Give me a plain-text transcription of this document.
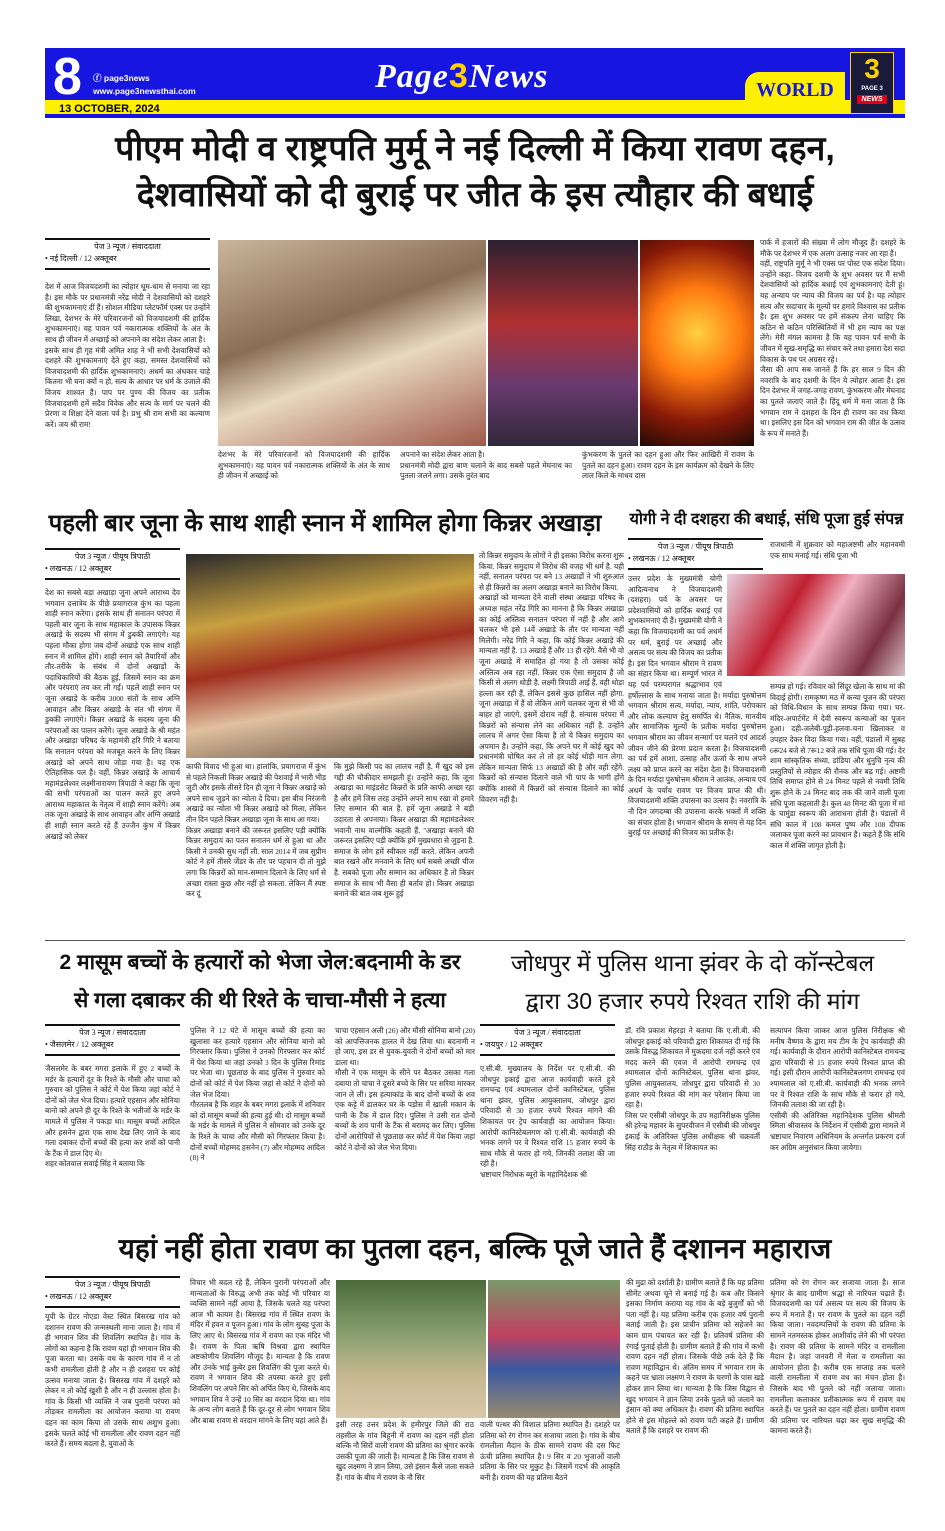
8 ⓕ page3news
www.page3newsthai.com
13 OCTOBER, 2024
Page3News	WORLD
3
PAGE 3
NEWS
पीएम मोदी व राष्ट्रपति मुर्मू ने नई दिल्ली में किया रावण दहन,
देशवासियों को दी बुराई पर जीत के इस त्यौहार की बधाई
पेज 3 न्यूज / संवाददाता
• नई दिल्ली / 12 अक्तूबर
देश में आज विजयदशमी का त्योहार धूम-धाम से मनाया जा रहा है। इस मौके पर प्रधानमंत्री नरेंद्र मोदी ने देशवासियों को दशहरे की शुभकामनाएं दीं हैं। सोशल मीडिया प्लेटफॉर्म एक्स पर उन्होंने लिखा, देशभर के मेरे परिवारजनों को विजयादशमी की हार्दिक शुभकामनाएं। यह पावन पर्व नकारात्मक शक्तियों के अंत के साथ ही जीवन में अच्छाई को अपनाने का संदेश लेकर आता है।
इसके साथ ही गृह मंत्री अमित शाह ने भी सभी देशवासियों को दशहरे की शुभकामनाएं देते हुए कहा, समस्त देशवासियों को विजयादशमी की हार्दिक शुभकामनाएं। अधर्म का अंधकार चाहे कितना भी घना क्यों न हो, सत्य के आधार पर धर्म के उजाले की विजय शाश्वत है। पाप पर पुण्य की विजय का प्रतीक विजयादशमी हमें सदैव विवेक और सत्य के मार्ग पर चलने की प्रेरणा व शिक्षा देने वाला पर्व है। प्रभु श्री राम सभी का कल्याण करें। जय श्री राम!
देशभर के मेरे परिवारजनों को विजयादशमी की हार्दिक शुभकामनाएं। यह पावन पर्व नकारात्मक शक्तियों के अंत के साथ ही जीवन में अच्छाई को
अपनाने का संदेश लेकर आता है।
प्रधानमंत्री मोदी द्वारा बाण चलाने के बाद सबसे पहले मेघनाथ का पुतला जलने लगा। उसके तुरंत बाद
कुंभकरण के पुतले का दहन हुआ और फिर आखिरी में रावण के पुतले का दहन हुआ। रावण दहन के इस कार्यक्रम को देखने के लिए लाल किले के माधव दास
पार्क में हजारों की संख्या में लोग मौजूद हैं। दशहरे के मौके पर देशभर में एक अलग उत्साह नजर आ रहा है।
वहीं, राष्ट्रपति मुर्मू ने भी एक्स पर पोस्ट एक संदेश दिया। उन्होंने कहा- विजय दशमी के शुभ अवसर पर मैं सभी देशवासियों को हार्दिक बधाई एवं शुभकामनाएं देती हूं। यह अन्याय पर न्याय की विजय का पर्व है। यह त्योहार सत्य और सदाचार के मूल्यों पर हमारे विश्वास का प्रतीक है। इस शुभ अवसर पर हमें संकल्प लेना चाहिए कि कठिन से कठिन परिस्थितियों में भी हम न्याय का पक्ष लेंगे। मेरी मंगल कामना है कि यह पावन पर्व सभी के जीवन में सुख-समृद्धि का संचार करे तथा हमारा देश सदा विकास के पथ पर अग्रसर रहे।
जैसा की आप सब जानते हैं कि हर साल 9 दिन की नवरात्रि के बाद दशमी के दिन ये त्योहार आता है। इस दिन देशभर में जगह-जगह रावण, कुंभकरण और मेघनाद का पुतले जलाएं जाते हैं। हिंदू धर्म में मना जाता है कि भगवान राम ने दशहरा के दिन ही रावण का वध किया था। इसलिए इस दिन को भगवान राम की जीत के उत्सव के रूप में मनाते हैं।
पहली बार जूना के साथ शाही स्नान में शामिल होगा किन्नर अखाड़ा
पेज 3 न्यूज / पीयूष त्रिपाठी
• लखनऊ / 12 अक्तूबर
देश का सबसे बड़ा अखाड़ा जूना अपने आराध्य देव भगवान दत्तात्रेय के पीछे प्रयागराज कुंभ का पहला शाही स्नान करेगा। इसके साथ ही सनातन परंपरा में पहली बार जूना के साथ महाकाल के उपासक किन्नर अखाड़े के सदस्य भी संगम में डुबकी लगाएंगे। यह पहला मौका होगा जब दोनों अखाड़े एक साथ शाही स्नान में शामिल होंगे। शाही स्नान को तैयारियों और तौर-तरीके के संबंध में दोनों अखाड़ों के पदाधिकारियों की बैठक हुई, जिसमें स्नान का क्रम और परंपराएं तय कर ली गईं। पहले शाही स्नान पर जूना अखाड़े के करीब 3000 संतों के साथ अग्नि आवाहन और किन्नर अखाड़े के संत भी संगम में डुबकी लगाएंगे। किन्नर अखाड़े के सदस्य जूना की परंपराओं का पालन करेंगे। जूना अखाड़े के श्री महंत और अखाड़ा परिषद के महामंत्री हरि गिरि ने बताया कि सनातन परंपरा को मजबूत करने के लिए किन्नर अखाड़े को अपने साथ जोड़ा गया है। यह एक ऐतिहासिक पल है। वहीं, किन्नर अखाड़े के आचार्य महामंडलेश्वर लक्ष्मीनारायण त्रिपाठी ने कहा कि जूना की सभी परंपराओं का पालन करते हुए अपने आराध्य महाकाल के नेतृत्व में शाही स्नान करेंगे। अब तक जूना अखाड़े के साथ आवाहन और अग्नि अखाड़े ही शाही स्नान करते रहे हैं उज्जैन कुंभ में किन्नर अखाड़े को लेकर
काफी विवाद भी हुआ था। हालांकि, प्रयागराज में कुंभ से पहले निकली किन्नर अखाड़े की पेशवाई में भारी भीड़ जुटी और इसके तीसरे दिन ही जूना ने किन्नर अखाड़े को अपने साथ जुड़ने का न्योता दे दिया। इस बीच निरंजनी अखाड़े का न्योता भी किन्नर अखाड़े को मिला, लेकिन तीन दिन पहले किन्नर अखाड़ा जूना के साथ आ गया।
किन्नर अखाड़ा बनाने की जरूरत इसलिए पड़ी क्योंकि किन्नर समुदाय का पतन सनातन धर्म से हुआ था और किसी ने उनकी सुध नहीं ली. साल 2014 में जब सुप्रीम कोर्ट ने हमें तीसरे जेंडर के तौर पर पहचान दी तो मुझे लगा कि किन्नरों को मान-सम्मान दिलाने के लिए धर्म से अच्छा रास्ता कुछ और नहीं हो सकता. लेकिन मैं स्पष्ट कर दूं
कि मुझे किसी पद का लालच नहीं है, मैं खुद को इस गद्दी की चौकीदार समझती हूं। उन्होंने कहा, कि जूना अखाड़ा का माइंडसेट किन्नरों के प्रति काफी अच्छा रहा है और हमें जिस तरह उन्होंने अपने साथ रखा वो हमारे लिए सम्मान की बात है. हमें जूना अखाड़े ने बड़ी उदारता से अपनाया। किन्नर अखाड़ा की महामंडलेश्वर भवानी नाथ वाल्मीकि कहती हैं, ''अखाड़ा बनाने की जरूरत इसलिए पड़ी क्योंकि हमें मुख्यधारा से जुड़ना है. समाज के लोग हमें स्वीकार नहीं करते. लेकिन अपनी बात रखने और मनवाने के लिए धर्म सबसे अच्छी चीज है. सबको पूजा और सम्मान का अधिकार है तो किन्नर समाज के साथ भी वैसा ही बर्ताव हो। किन्नर अखाड़ा बनाने की बात जब शुरू हुई
तो किन्नर समुदाय के लोगों ने ही इसका विरोध करना शुरू किया. किन्नर समुदाय में विरोध की वजह भी धर्म है. यही नहीं, सनातन परंपरा पर बने 13 अखाड़ों ने भी शुरुआत से ही किन्नरों का अलग अखाड़ा बनाने का विरोध किया.
अखाड़ों को मान्यता देने वाली संस्था अखाड़ा परिषद के अध्यक्ष महंत नरेंद्र गिरि का मानना है कि किन्नर अखाड़ा का कोई अस्तित्व सनातन परंपरा में नहीं है और आगे चलकर भी इसे 14वें अखाड़े के तौर पर मान्यता नहीं मिलेगी। नरेंद्र गिरि ने कहा, कि कोई किन्नर अखाड़े की मान्यता नहीं है. 13 अखाड़े हैं और 13 ही रहेंगे. वैसे भी वो जूना अखाड़े में समाहित हो गया है तो उसका कोई अस्तित्व अब रहा नहीं. किन्नर एक ऐसा समुदाय है जो किसी से अलग थोड़ी है. लक्ष्मी त्रिपाठी आई हैं, वही थोड़ा हल्ला कर रही हैं, लेकिन इससे कुछ हासिल नहीं होगा. जूना अखाड़ा में हैं वो लेकिन आगे चलकर जूना से भी वो बाहर हो जाएंगे, इसमें दोराय नहीं है. संन्यास परंपरा में किन्नरों को संन्यास लेने का अधिकार नहीं है. उन्होंने लालच में अगर ऐसा किया है तो ये किन्नर समुदाय का अपमान है। उन्होंने कहा, कि अपने घर में कोई खुद को प्रधानमंत्री घोषित कर ले तो हर कोई थोड़ी मान लेगा. लेकिन मान्यता सिर्फ 13 अखाड़ों की है और वही रहेंगे. किन्नरों को संन्यास दिलाने वाले भी पाप के भागी होंगे क्योंकि शास्त्रों में किन्नरों को संन्यास दिलाने का कोई विवरण नहीं है।
योगी ने दी दशहरा की बधाई, संधि पूजा हुई संपन्न
पेज 3 न्यूज / पीयूष त्रिपाठी
• लखनऊ / 12 अक्तूबर
राजधानी में शुक्रवार को महाअष्टमी और महानवमी एक साथ मनाई गई। संधि पूजा भी
उत्तर प्रदेश के मुख्यमंत्री योगी आदित्यनाथ ने विजयादशमी (दशहरा) पर्व के अवसर पर प्रदेशवासियों को हार्दिक बधाई एवं शुभकामनाएं दी हैं। मुख्यमंत्री योगी ने कहा कि विजयादशमी का पर्व अधर्म पर धर्म, बुराई पर अच्छाई और असत्य पर सत्य की विजय का प्रतीक है। इस दिन भगवान श्रीराम ने रावण का संहार किया था। सम्पूर्ण भारत में यह पर्व परम्परागत श्रद्धाभाव एवं हर्षोल्लास के साथ मनाया जाता है। मर्यादा पुरुषोत्तम भगवान श्रीराम सत्य, मर्यादा, न्याय, शांति, परोपकार और लोक कल्याण हेतु समर्पित थे। नैतिक, मानवीय और सामाजिक मूल्यों के प्रतीक मर्यादा पुरुषोत्तम भगवान श्रीराम का जीवन सन्मार्ग पर चलने एवं आदर्श जीवन जीने की प्रेरणा प्रदान करता है। विजयादशमी का पर्व हमें आशा, उत्साह और ऊर्जा के साथ अपने लक्ष्य को प्राप्त करने का संदेश देता है। विजयादशमी के दिन मर्यादा पुरुषोत्तम श्रीराम ने आतंक, अन्याय एवं अधर्म के पर्याय रावण पर विजय प्राप्त की थी। विजयादशमी शक्ति उपासना का उत्सव है। नवरात्रि के नौ दिन जगदम्बा की उपासना करके भक्तों में शक्ति का संचार होता है। भगवान श्रीराम के समय से यह दिन बुराई पर अच्छाई की विजय का प्रतीक है।
सम्पन्न हो गई। रविवार को सिंदूर खेला के साथ मां की विदाई होगी। रामकृष्ण मठ में कन्या पूजन की परंपरा को विधि-विधान के साथ सम्पन्न किया गया। घर-मंदिर-अपार्टमेंट में देवी स्वरूप कन्याओं का पूजन हुआ। दही-जलेबी-पूड़ी-हलवा-चना खिलाकर व उपहार देकर विदा किया गया। वहीं, पंडालों में सुबह 6रू24 बजे से 7रू12 बजे तक संधि पूजा की गई। देर शाम सांस्कृतिक संध्या, डांडिया और धुनुचि नृत्य की प्रस्तुतियों से त्योहार की रौनक और बढ़ गई। अष्टमी तिथि समाप्त होने से 24 मिनट पहले से नवमी तिथि शुरू होने के 24 मिनट बाद तक की जाने वाली पूजा संधि पूजा कहलाती है। कुल 48 मिनट की पूजा में मां के चामुंडा स्वरूप की आराधना होती है। पंडालों में संधि काल में 108 कमल पुष्प और 108 दीपक जलाकर पूजा करने का प्रावधान है। कहते हैं कि संधि काल में शक्ति जागृत होती है।
2 मासूम बच्चों के हत्यारों को भेजा जेल:बदनामी के डर
से गला दबाकर की थी रिश्ते के चाचा-मौसी ने हत्या
पेज 3 न्यूज / संवाददाता
• जैसलमेर / 12 अक्तूबर
जैसलमेर के बबर मगरा इलाके में हुए 2 बच्चों के मर्डर के हत्यारों दूर के रिश्ते के मौसी और चाचा को गुरुवार को पुलिस ने कोर्ट में पेश किया जहां कोर्ट ने दोनों को जेल भेज दिया। हत्यारे एहसान और सोनिया बानो को अपने ही दूर के रिश्ते के भतीजों के मर्डर के मामले में पुलिस ने पकड़ा था। मासूम बच्चों आदिल और हसनेन द्वारा एक साथ देख लिए जाने के बाद गला दबाकर दोनों बच्चों की हत्या कर शवों को पानी के टैंक में डाल दिए थे।
शहर कोतवाल सवाई सिंह ने बताया कि
पुलिस ने 12 घंटे में मासूम बच्चों की हत्या का खुलासा कर हत्यारे एहसान और सोनिया बानो को गिरफ्तार किया। पुलिस ने उनको गिरफ्तार कर कोर्ट में पेश किया था जहां उनको 3 दिन के पुलिस रिमांड पर भेजा था। पूछताछ के बाद पुलिस ने गुरुवार को दोनों को कोर्ट में पेश किया जहां से कोर्ट ने दोनों को जेल भेज दिया।
गौरतलब है कि शहर के बबर मगरा इलाके में शनिवार को दो मासूम बच्चों की हत्या हुई थी। दो मासूम बच्चों के मर्डर के मामले में पुलिस ने सोमवार को उनके दूर के रिश्ते के चाचा और मौसी को गिरफ्तार किया है। दोनों बच्चों मोहम्मद हसनेन (7) और मोहम्मद आदिल (8) ने
चाचा एहसान अली (26) और मौसी सोनिया बानो (20) को आपत्तिजनक हालत में देख लिया था। बदनामी न हो जाए, इस डर से युवक-युवती ने दोनों बच्चों को मार डाला था।
मौसी ने एक मासूम के सीने पर बैठकर उसका गला दबाया तो चाचा ने दूसरे बच्चे के सिर पर सरिया मारकर जान ले ली। इस हत्याकांड के बाद दोनों बच्चों के शव एक कट्टे में डालकर घर के पड़ोस में खाली मकान के पानी के टैंक में डाल दिए। पुलिस ने उसी रात दोनों बच्चों के शव पानी के टैंक से बरामद कर लिए। पुलिस दोनों आरोपियों से पूछताछ कर कोर्ट में पेश किया जहां कोर्ट ने दोनों को जेल भेज दिया।
जोधपुर में पुलिस थाना झंवर के दो कॉन्स्टेबल
द्वारा 30 हजार रुपये रिश्वत राशि की मांग
पेज 3 न्यूज / संवाददाता
• जयपुर / 12 अक्तूबर
ए.सी.बी. मुख्यालय के निर्देश पर ए.सी.बी. की जोधपुर इकाई द्वारा आज कार्यवाही करते हुये रामचन्द्र एवं श्यामलाल दोनों कानिस्टेबल, पुलिस थाना झंवर, पुलिस आयुक्तालय, जोधपुर द्वारा परिवादी से 30 हजार रुपये रिश्वत मांगने की शिकायत पर ट्रेप कार्यवाही का आयोजन किया। आरोपी कानिस्टेबलगण को ए.सी.बी. कार्यवाही की भनक लगने पर वे रिश्वत राशि 15 हजार रुपये के साथ मौके से फरार हो गये, जिनकी तलाश की जा रही है।
भ्रष्टाचार निरोधक ब्यूरो के महानिदेशक श्री
डॉ. रवि प्रकाश मेहरड़ा ने बताया कि ए.सी.बी. की जोधपुर इकाई को परिवादी द्वारा शिकायत दी गई कि उसके विरुद्ध शिकायत में मुकदमा दर्ज नहीं करने एवं मदद करने की एवज में आरोपी रामचन्द्र एवं श्यामलाल दोनों कानिस्टेबल, पुलिस थाना झंवर, पुलिस आयुक्तालय, जोधपुर द्वारा परिवादी से 30 हजार रुपये रिश्वत की मांग कर परेशान किया जा रहा है।
जिस पर एसीबी जोधपुर के उप महानिरीक्षक पुलिस श्री हरेन्द्र महावर के सुपरवीजन में एसीबी की जोधपुर इकाई के अतिरिक्त पुलिस अधीक्षक श्री चक्रवर्ती सिंह राठौड़ के नेतृत्व में शिकायत का
सत्यापन किया जाकर आज पुलिस निरीक्षक श्री मनीष वैष्णव के द्वारा मय टीम के ट्रेप कार्यवाही की गई। कार्यवाही के दौरान आरोपी कानिस्टेबल रामचन्द्र द्वारा परिवादी से 15 हजार रुपये रिश्वत प्राप्त की गई। इसी दौरान आरोपी कानिस्टेबलगण रामचन्द्र एवं श्यामलाल को ए.सी.बी. कार्यवाही की भनक लगने पर वे रिश्वत राशि के साथ मौके से फरार हो गये, जिनकी तलाश की जा रही है।
एसीबी की अतिरिक्त महानिदेशक पुलिस श्रीमती स्मिता श्रीवास्तव के निर्देशन में एसीबी द्वारा मामले में भ्रष्टाचार निवारण अधिनियम के अन्तर्गत प्रकरण दर्ज कर अग्रिम अनुसंधान किया जायेगा।
यहां नहीं होता रावण का पुतला दहन, बल्कि पूजे जाते हैं दशानन महाराज
पेज 3 न्यूज / पीयूष त्रिपाठी
• लखनऊ / 12 अक्तूबर
यूपी के ग्रेटर नोएडा वेस्ट स्थित बिसरख गांव को दशानन रावण की जन्मस्थली माना जाता है। गांव में ही भगवान शिव की शिवलिंग स्थापित है। गांव के लोगों का कहना है कि रावण यहां ही भगवान शिव की पूजा करता था। उसके वध के कारण गांव में न तो कभी रामलीला होती है और न ही दशहरा पर कोई उत्सव मनाया जाता है। बिसरख गांव में दशहरे को लेकर न तो कोई खुशी है और न ही उल्लास होता है। गांव के किसी भी व्यक्ति ने जब पुरानी परंपरा को तोड़कर रामलीला का आयोजन कराया या रावण दहन का काम किया तो उसके साथ अशुभ हुआ। इसके चलते कोई भी रामलीला और रावण दहन नहीं करते हैं। समय बदला है, युवाओं के
विचार भी बदल रहे हैं, लेकिन पुरानी परंपराओं और मान्यताओं के विरुद्ध अभी तक कोई भी परिवार या व्यक्ति सामने नहीं आया है, जिसके चलते यह परंपरा आज भी कायम है। बिसरख गांव में स्थित रावण के मंदिर में हवन व पूजन हुआ। गांव के लोग सुबह पूजा के लिए आए थे। बिसरख गांव में रावण का एक मंदिर भी है। रावण के पिता ऋषि विश्रवा द्वारा स्थापित अष्टकोणीय शिवलिंग मौजूद है। मान्यता है कि रावण और उनके भाई कुबेर इस शिवलिंग की पूजा करते थे। रावण ने भगवान शिव की तपस्या करते हुए इसी शिवलिंग पर अपने सिर को अर्पित किए थे, जिसके बाद भगवान शिव ने उन्हें 10 सिर का वरदान दिया था। गांव के अन्य लोग बताते हैं कि दूर-दूर से लोग भगवान शिव और बाबा रावण से वरदान मांगने के लिए यहां आते हैं।	इसी तरह उत्तर प्रदेश के हमीरपुर जिले की राठ तहसील के गांव बिहूनी में रावण का दहन नहीं होता बल्कि नौ सिरों वाली रावण की प्रतिमा का श्रृंगार करके उसकी पूजा की जाती है। मान्यता है कि जिस रावण से खुद लक्ष्मण ने ज्ञान लिया, उसे इंसान कैसे जला सकते हैं। गांव के बीच में रावण के नौ सिर
वाली पत्थर की विशाल प्रतिमा स्थापित है। दशहरे पर प्रतिमा को रंग रोगन कर सजाया जाता है। गांव के बीच रामलीला मैदान के ठीक सामने रावण की दस फिट ऊंची प्रतिमा स्थापित है। 9 सिर व 20 भुजाओं वाली प्रतिमा के सिर पर मुकुट है। जिसमें गदर्भ की आकृति बनी है। रावण की यह प्रतिमा बैठने
की मुद्रा को दर्शाती है। ग्रामीण बताते हैं कि यह प्रतिमा सीमेंट अथवा चूने से बनाई गई है। कब और किसने इसका निर्माण कराया यह गांव के बड़े बुजुर्गों को भी पता नहीं है। यह प्रतिमा करीब एक हजार वर्ष पुरानी बताई जाती है। इस प्राचीन प्रतिमा को सहेजने का काम ग्राम पंचायत कर रही है। प्रतिवर्ष प्रतिमा की रंगाई पुताई होती है। ग्रामीण बताते हैं की गांव में कभी रावण दहन नहीं होता। जिसके पीछे तर्क देते हैं कि रावण महाविद्वान थे। अंतिम समय में भगवान राम के कहने पर भ्राता लक्ष्मण ने रावण के चरणों के पास खड़े होकर ज्ञान लिया था। मान्यता है कि जिस विद्वान से खुद भगवान ने ज्ञान लिया उनके पुतले को जलाने का इंसान को क्या अधिकार है। रावण की प्रतिमा स्थापित होने से इस मोहल्ले को रावण पटी कहते हैं। ग्रामीण बताते हैं कि दशहरे पर रावण की
प्रतिमा को रंग रोगन कर सजाया जाता है। साज श्रृंगार के बाद ग्रामीण श्रद्धा से नारियल चढ़ाते हैं। विजयदशमी का पर्व असत्य पर सत्य की विजय के रूप में मनाते हैं। पर रावण के पुतले का दहन नहीं किया जाता। नवदम्पत्तियों के रावण की प्रतिमा के सामने नतमस्तक होकर आशीर्वाद लेने की भी परंपरा है। रावण की प्रतिमा के सामने मंदिर व रामलीला मैदान है। जहां जनवरी में मेला व रामलीला का आयोजन होता है। करीब एक सप्ताह तक चलने वाली रामलीला में रावण वध का मंचन होता है। जिसके बाद भी पुतले को नहीं जलाया जाता। रामलीला कलाकार प्रतीकात्मक रूप में रावण वध करते हैं। पर पुतले का दहन नहीं होता। ग्रामीण रावण की प्रतिमा पर नारियल चढ़ा कर सुख समृद्धि की कामना करते हैं।
